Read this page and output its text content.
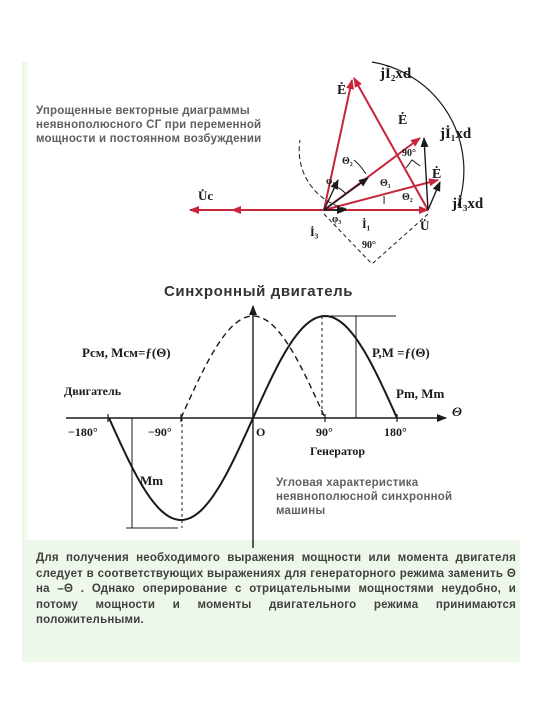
Упрощенные векторные диаграммы неявнополюсного СГ при переменной мощности и постоянном возбуждении
Синхронный двигатель
Угловая характеристика неявнополюсной синхронной машины
Для получения необходимого выражения мощности или момента двигателя следует в соответствующих выражениях для генераторного режима заменить Θ на –Θ . Однако оперирование с отрицательными мощностями неудобно, и потому мощности и моменты двигательного режима принимаются положительными.
Ė
jİ₂xd
Ė
jİ₁xd
Ė
jİ₃xd
90°
Θ₂
φ₁	Θ₁
Θ₂
U̇c
φ₃
İ₃
İ₁	U̇
90°
−180°	−90°	О	90°	180°
Θ
Рсм, Мсм=ƒ(Θ)	Р,М =ƒ(Θ)
Рm, Мm
Двигатель
Генератор
Мm
